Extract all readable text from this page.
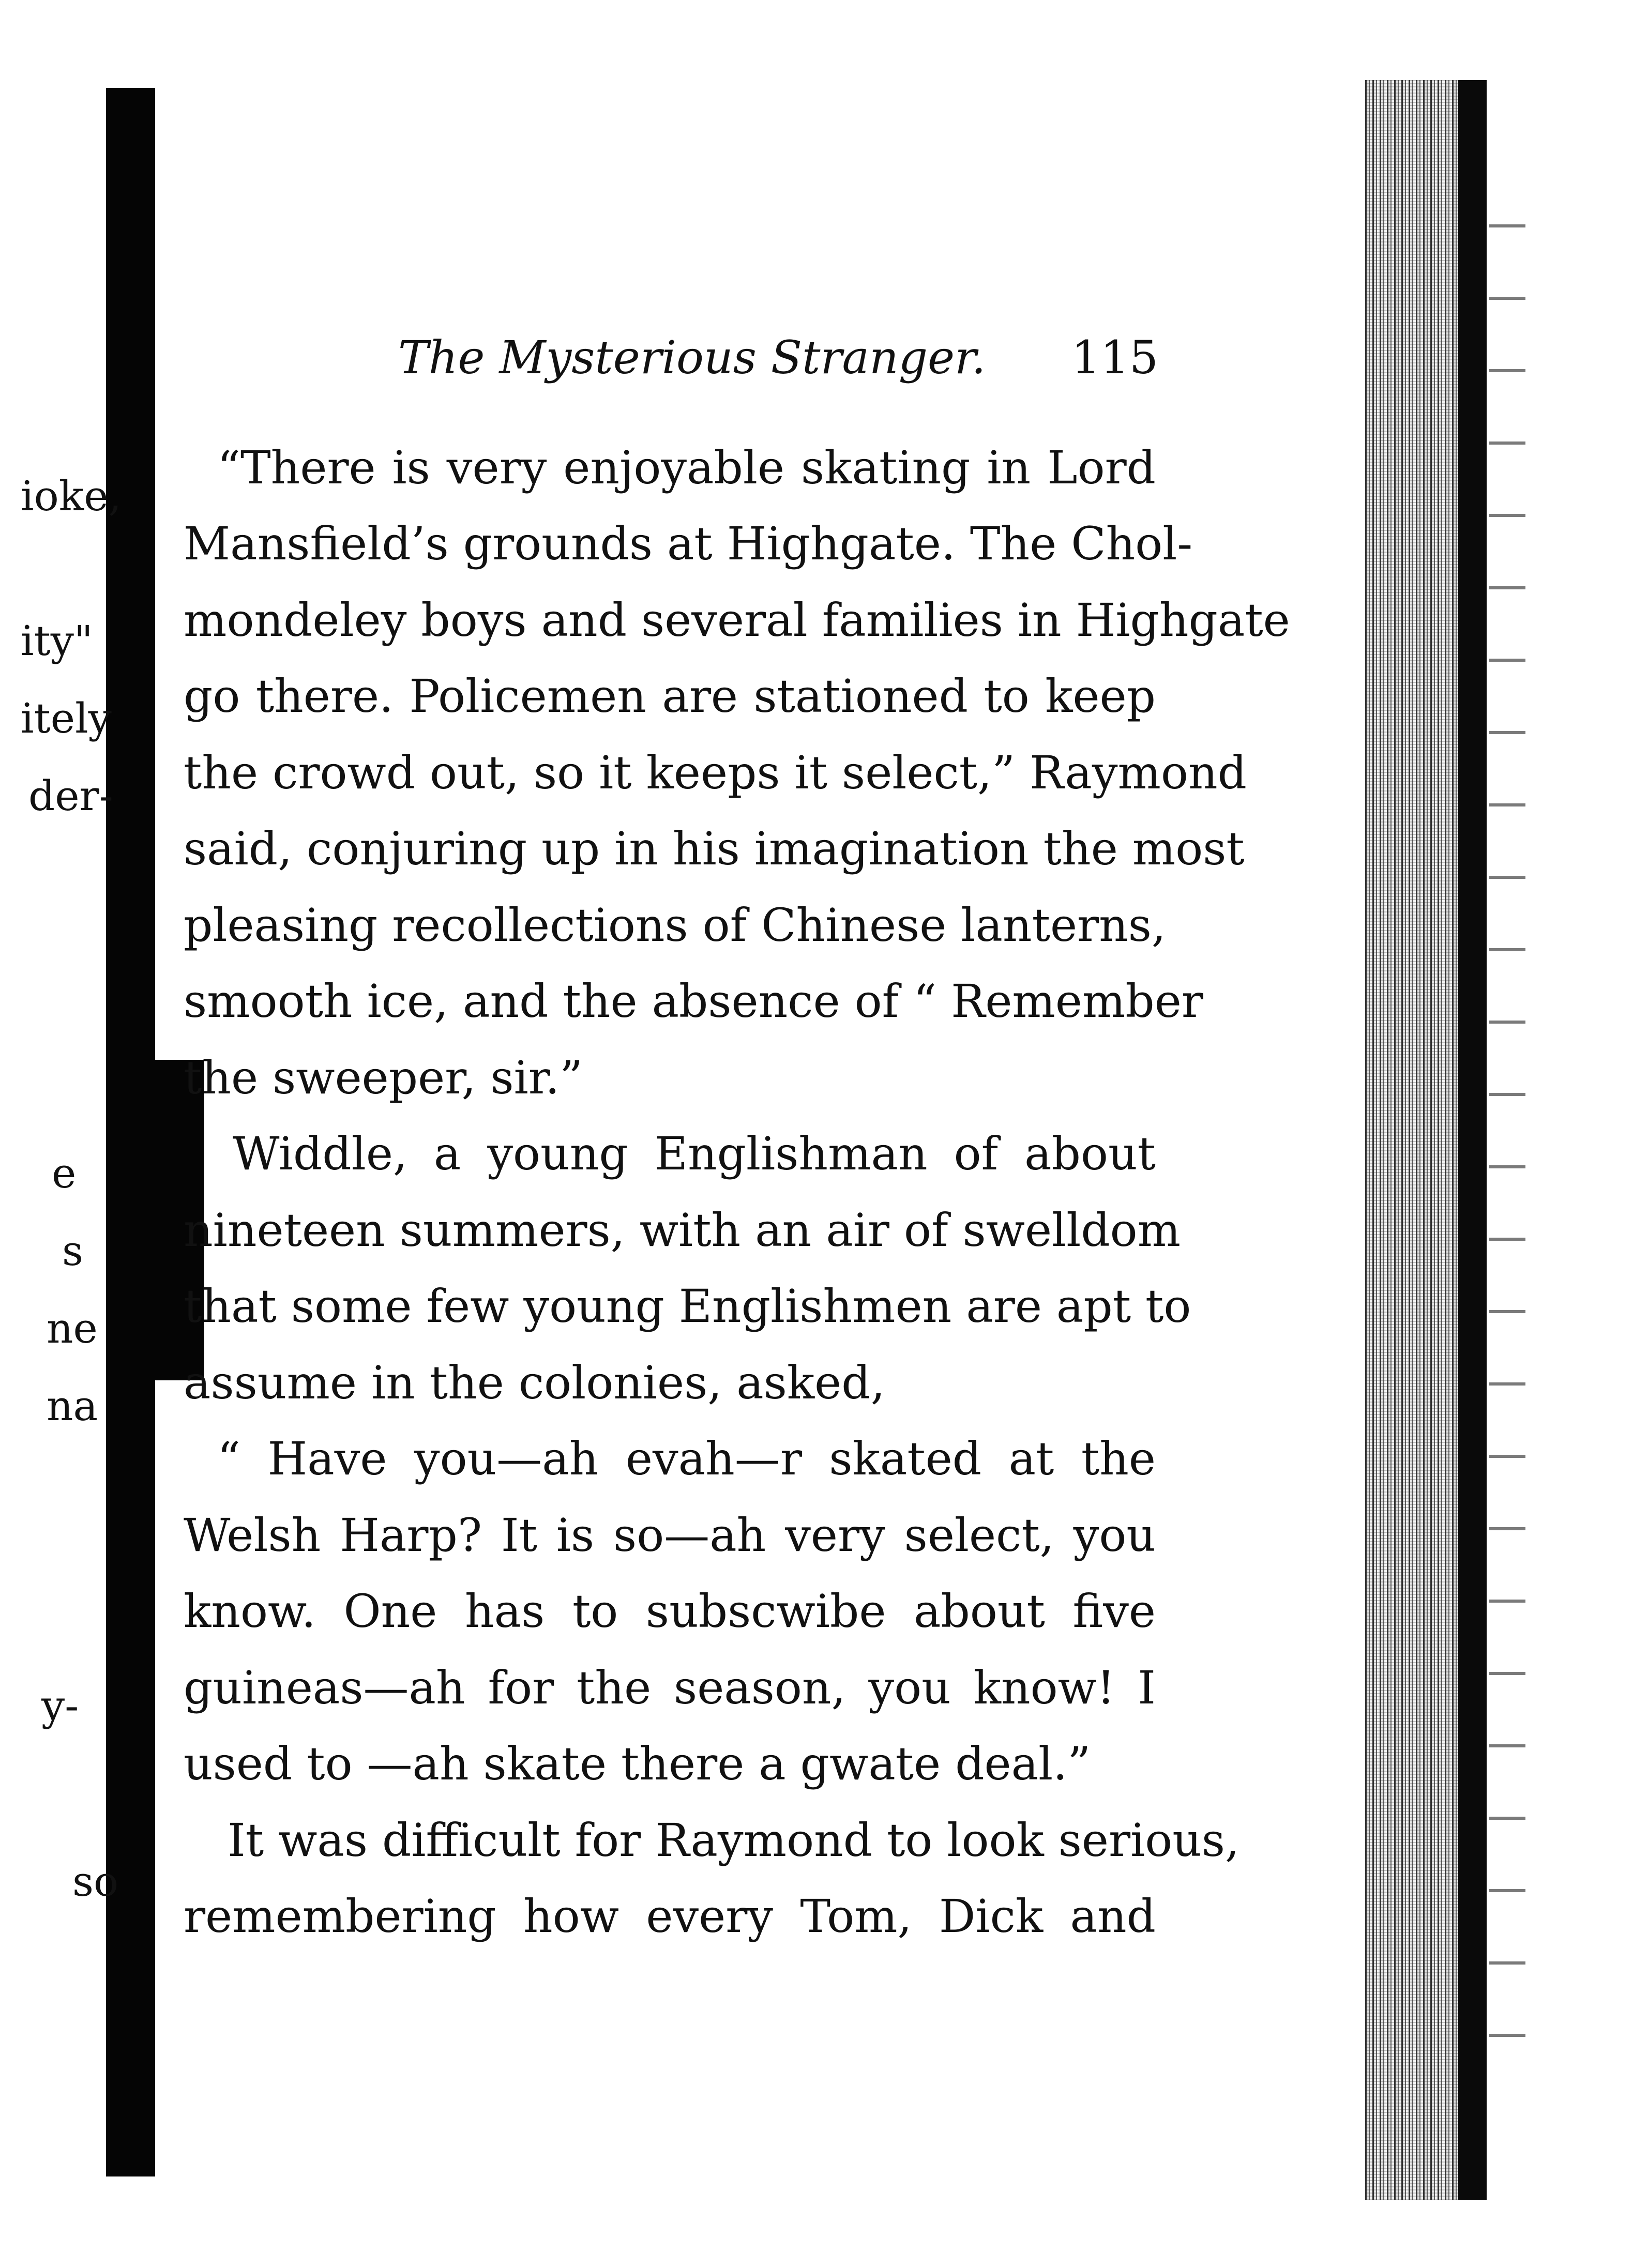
ioke,
ity"
itely
der-
e
s
ne
na
y-
so
The Mysterious Stranger. 115
“There is very enjoyable skating in Lord
Mansfield’s grounds at Highgate. The Chol-
mondeley boys and several families in Highgate
go there. Policemen are stationed to keep
the crowd out, so it keeps it select,” Raymond
said, conjuring up in his imagination the most
pleasing recollections of Chinese lanterns,
smooth ice, and the absence of “ Remember
the sweeper, sir.”
Widdle, a young Englishman of about
nineteen summers, with an air of swelldom
that some few young Englishmen are apt to
assume in the colonies, asked,
“ Have you—ah evah—r skated at the
Welsh Harp? It is so—ah very select, you
know. One has to subscwibe about five
guineas—ah for the season, you know! I
used to —ah skate there a gwate deal.”
It was difficult for Raymond to look serious,
remembering how every Tom, Dick and
